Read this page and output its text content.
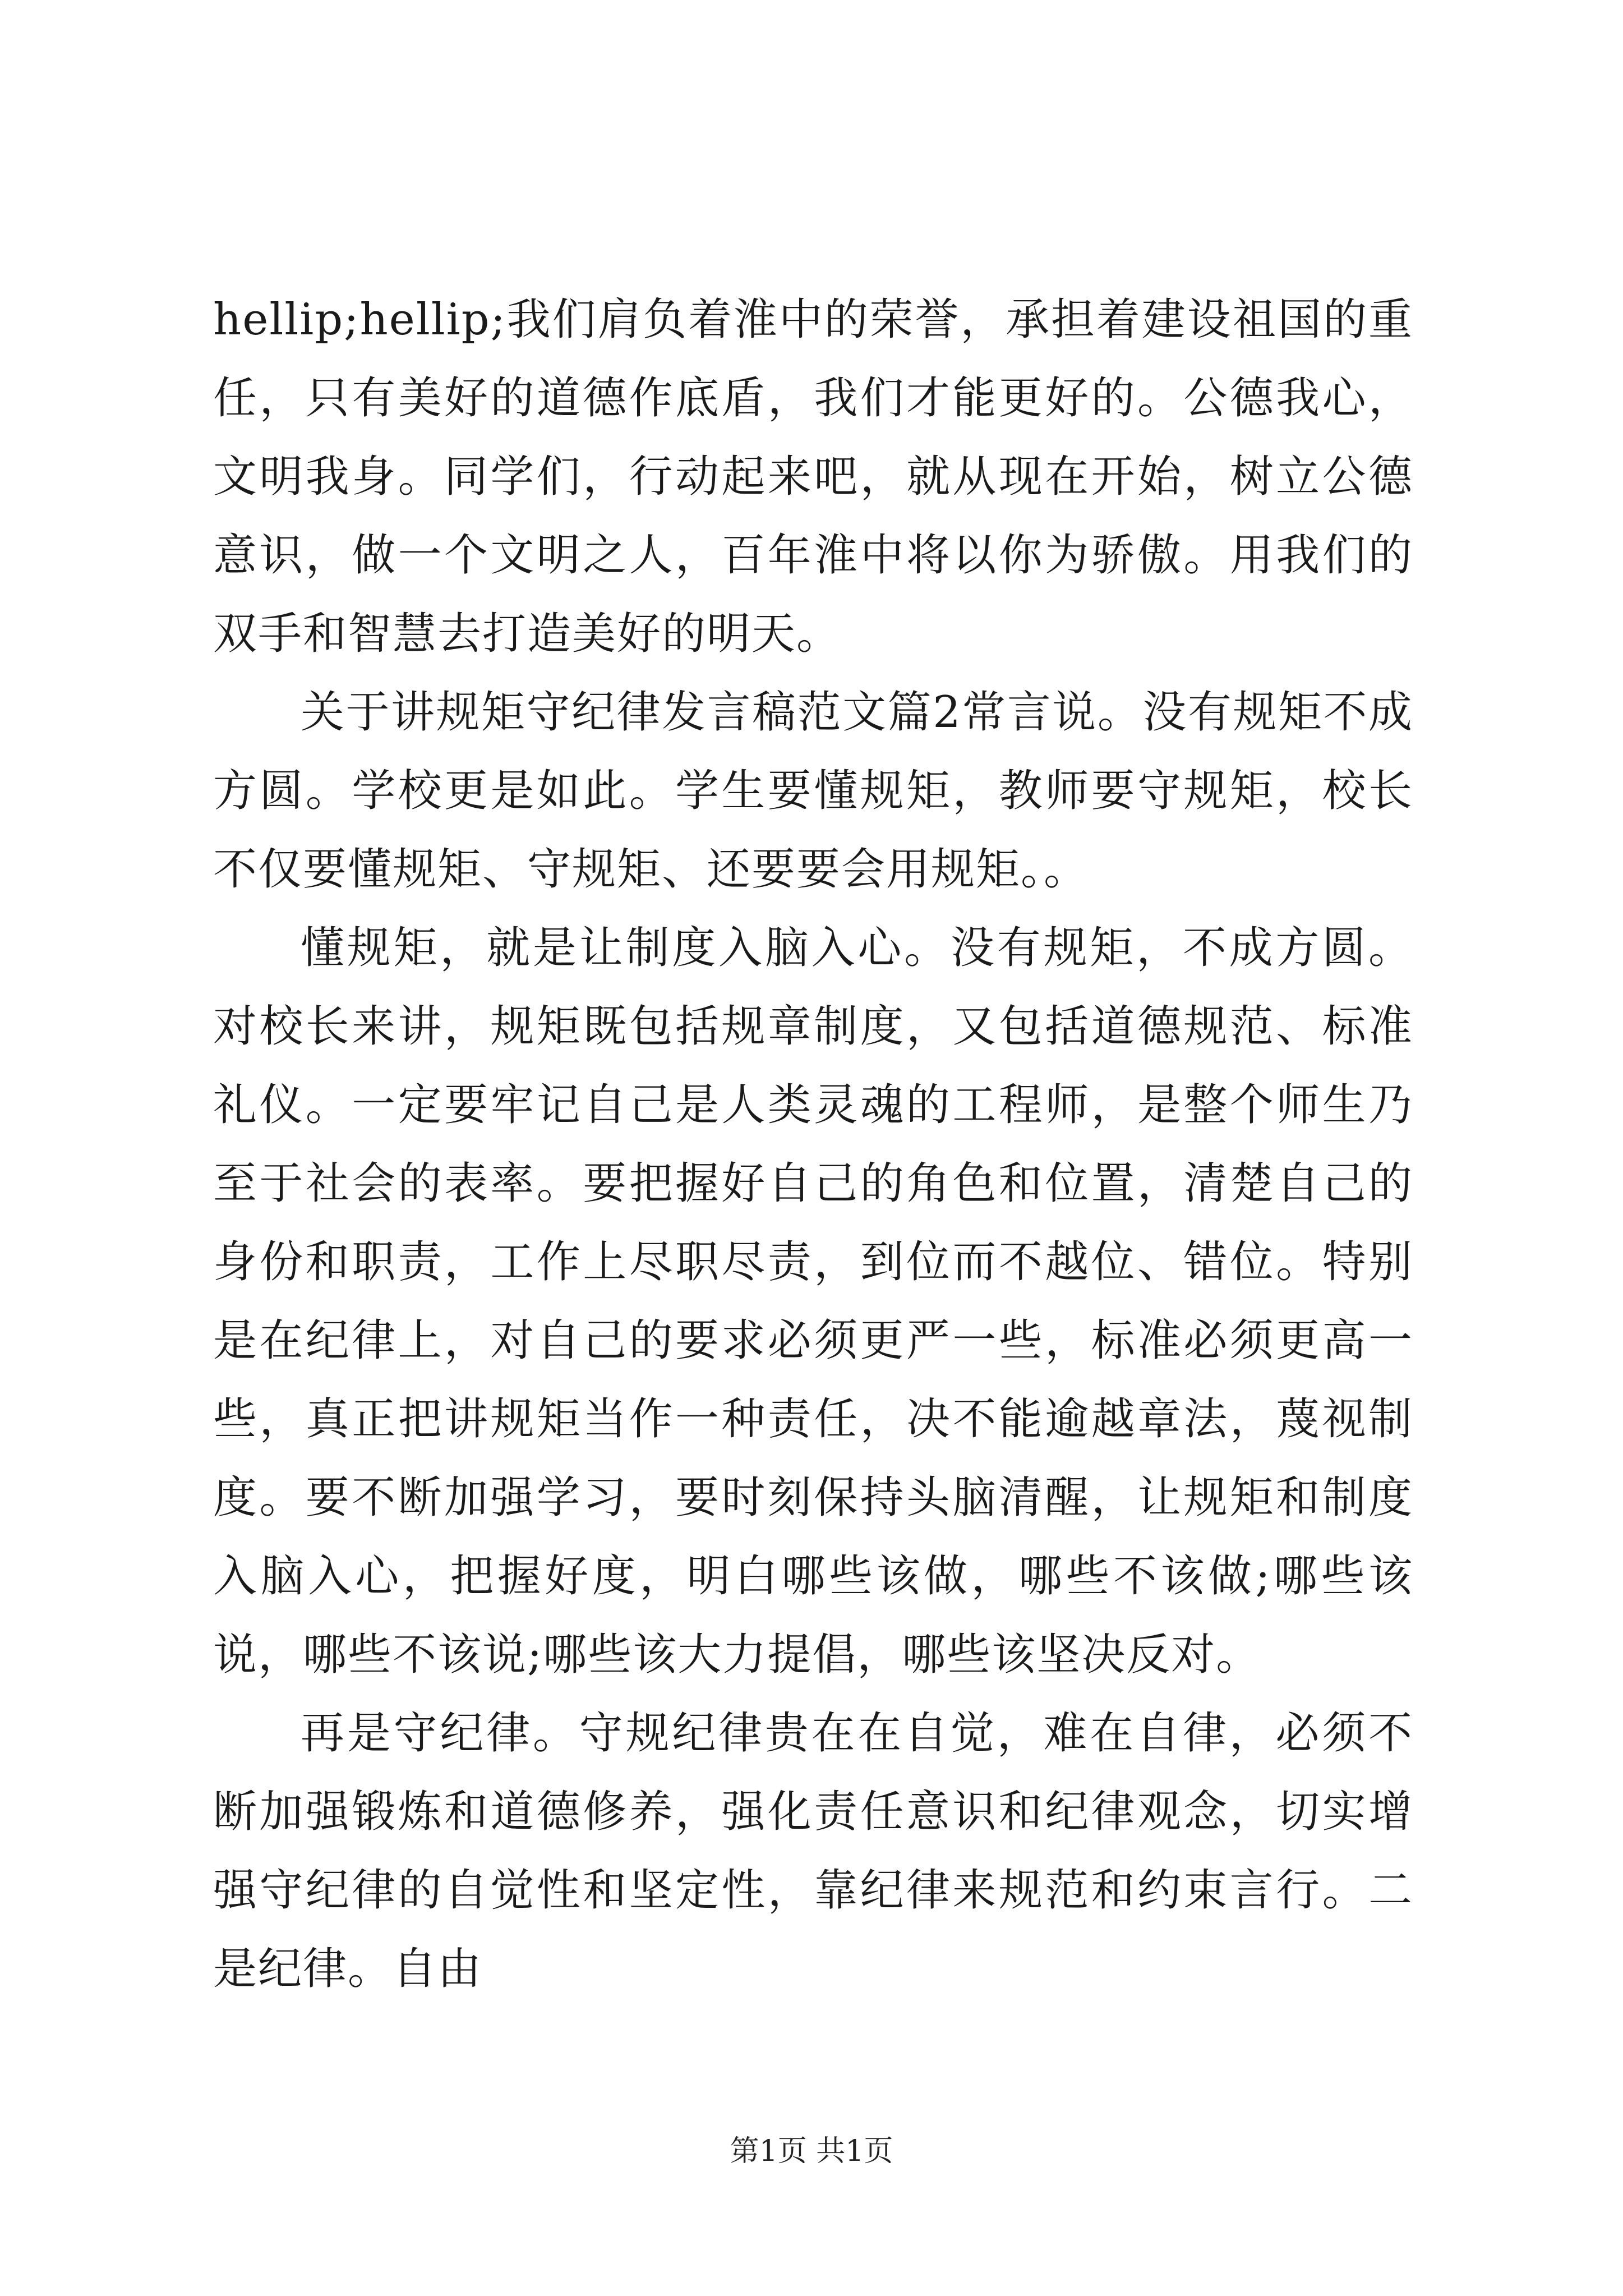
hellip;hellip;我们肩负着淮中的荣誉，承担着建设祖国的重任，只有美好的道德作底盾，我们才能更好的。公德我心，文明我身。同学们，行动起来吧，就从现在开始，树立公德意识，做一个文明之人，百年淮中将以你为骄傲。用我们的双手和智慧去打造美好的明天。

关于讲规矩守纪律发言稿范文篇2常言说。没有规矩不成方圆。学校更是如此。学生要懂规矩，教师要守规矩，校长不仅要懂规矩、守规矩、还要要会用规矩。。

懂规矩，就是让制度入脑入心。没有规矩，不成方圆。对校长来讲，规矩既包括规章制度，又包括道德规范、标准礼仪。一定要牢记自己是人类灵魂的工程师，是整个师生乃至于社会的表率。要把握好自己的角色和位置，清楚自己的身份和职责，工作上尽职尽责，到位而不越位、错位。特别是在纪律上，对自己的要求必须更严一些，标准必须更高一些，真正把讲规矩当作一种责任，决不能逾越章法，蔑视制度。要不断加强学习，要时刻保持头脑清醒，让规矩和制度入脑入心，把握好度，明白哪些该做，哪些不该做;哪些该说，哪些不该说;哪些该大力提倡，哪些该坚决反对。

再是守纪律。守规纪律贵在在自觉，难在自律，必须不断加强锻炼和道德修养，强化责任意识和纪律观念，切实增强守纪律的自觉性和坚定性，靠纪律来规范和约束言行。二是纪律。自由

第1页 共1页
